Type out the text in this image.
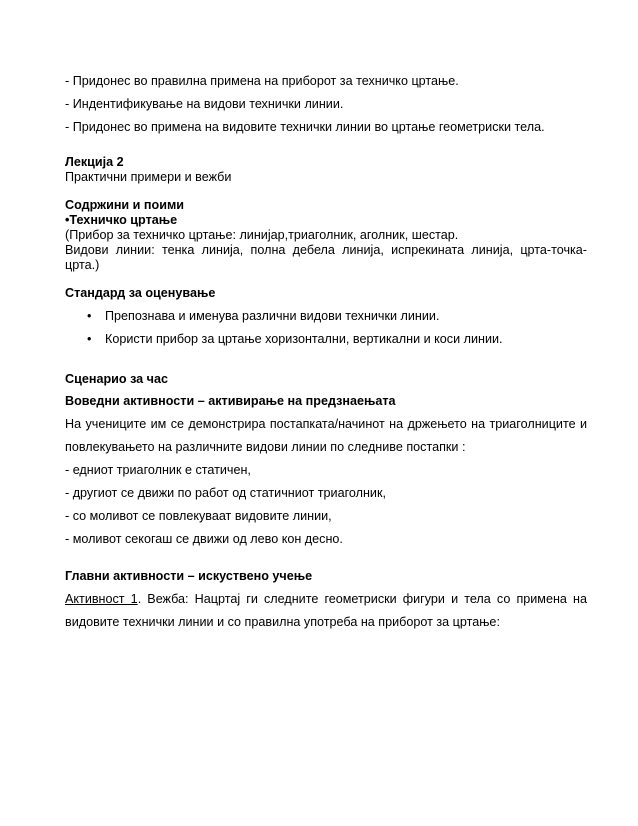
- Придонес во правилна примена на приборот за техничко цртање.
- Индентификување на видови технички линии.
- Придонес во примена на видовите технички линии во цртање геометриски тела.
Лекција 2
Практични примери и вежби
Содржини и поими
•Техничко цртање
(Прибор за техничко цртање: линијар,триаголник, аголник, шестар.
Видови линии: тенка линија, полна дебела линија, испрекината линија, црта-точка-
црта.)
Стандард за оценување
• Препознава и именува различни видови технички линии.
• Користи прибор за цртање хоризонтални, вертикални и коси линии.
Сценарио за час
Воведни активности – активирање на предзнаењата
На учениците им се демонстрира постапката/начинот на држењето на триаголниците и
повлекувањето на различните видови линии по следниве постапки :
- едниот триаголник е статичен,
- другиот се движи по работ од статичниот триаголник,
- со моливот се повлекуваат видовите линии,
- моливот секогаш се движи од лево кон десно.
Главни активности – искуствено учење
Активност 1. Вежба: Нацртај ги следните геометриски фигури и тела со примена на
видовите технички линии и со правилна употреба на приборот за цртање:
